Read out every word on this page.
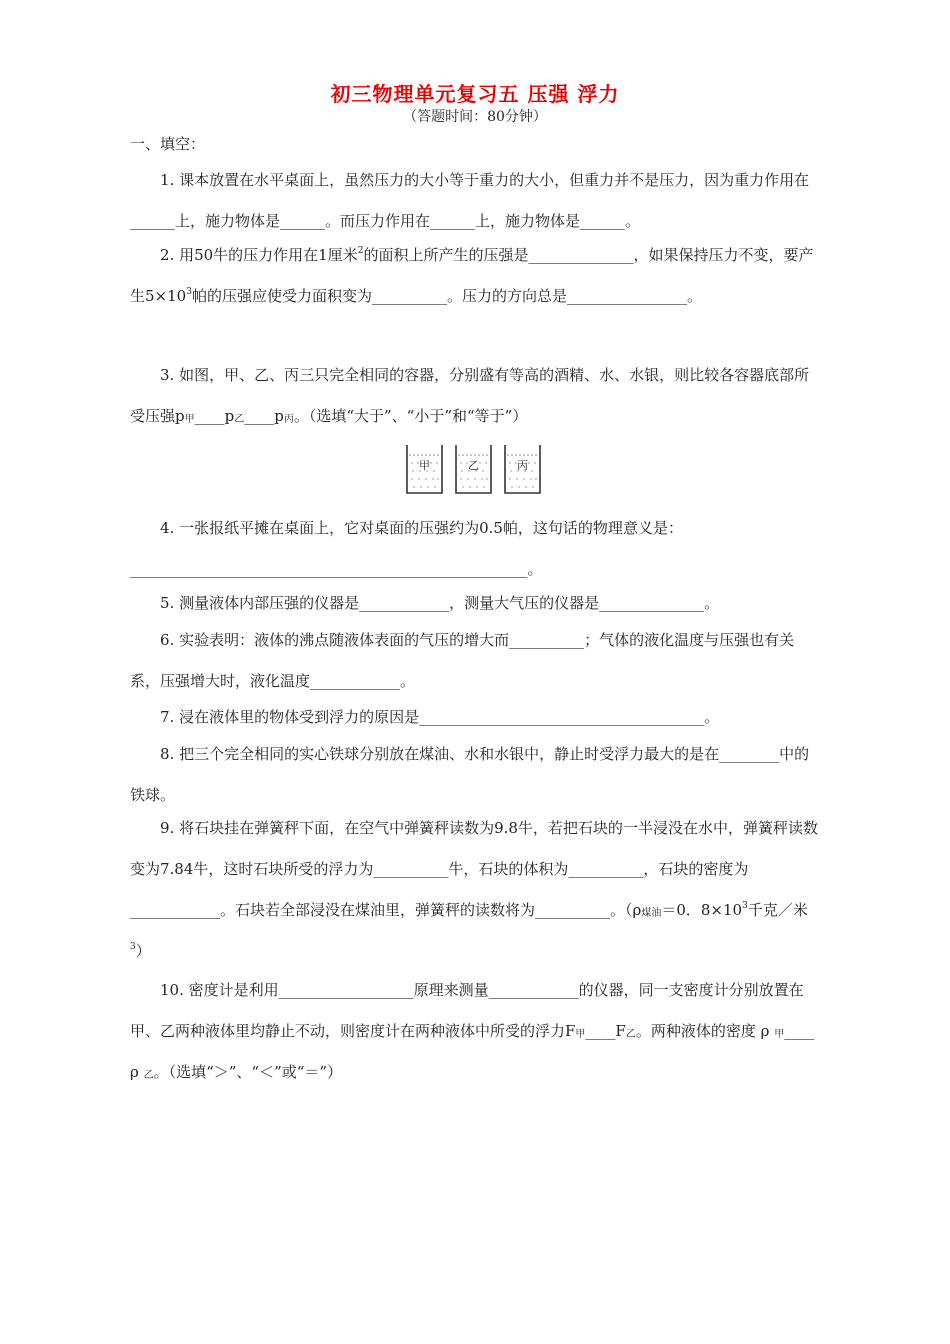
初三物理单元复习五 压强 浮力
（答题时间：80分钟）
一、填空：
1. 课本放置在水平桌面上，虽然压力的大小等于重力的大小，但重力并不是压力，因为重力作用在______上，施力物体是______。而压力作用在______上，施力物体是______。
2. 用50牛的压力作用在1厘米$^2$的面积上所产生的压强是______________，如果保持压力不变，要产生$5\times 10^3$帕的压强应使受力面积变为__________。压力的方向总是________________。
3. 如图，甲、乙、丙三只完全相同的容器，分别盛有等高的酒精、水、水银，则比较各容器底部所受压强$p_甲\_\_\_\_p_乙\_\_\_\_p_丙$。（选填“大于”、“小于”和“等于”）
甲	乙	丙
4. 一张报纸平摊在桌面上，它对桌面的压强约为0.5帕，这句话的物理意义是：_____________________________________________________。
5. 测量液体内部压强的仪器是____________，测量大气压的仪器是______________。
6. 实验表明：液体的沸点随液体表面的气压的增大而__________；气体的液化温度与压强也有关系，压强增大时，液化温度____________。
7. 浸在液体里的物体受到浮力的原因是______________________________________。
8. 把三个完全相同的实心铁球分别放在煤油、水和水银中，静止时受浮力最大的是在________中的铁球。
9. 将石块挂在弹簧秤下面，在空气中弹簧秤读数为9.8牛，若把石块的一半浸没在水中，弹簧秤读数变为7.84牛，这时石块所受的浮力为__________牛，石块的体积为__________，石块的密度为____________。石块若全部浸没在煤油里，弹簧秤的读数将为__________。（$\rho_{煤油}=0$．$8\times 10^3$千克／米$^3$）
10. 密度计是利用__________________原理来测量____________的仪器，同一支密度计分别放置在甲、乙两种液体里均静止不动，则密度计在两种液体中所受的浮力$F_甲\_\_\_\_F_乙$。两种液体的密度 ρ $_甲$____ ρ $_乙$。（选填“＞”、“＜”或“＝”）
